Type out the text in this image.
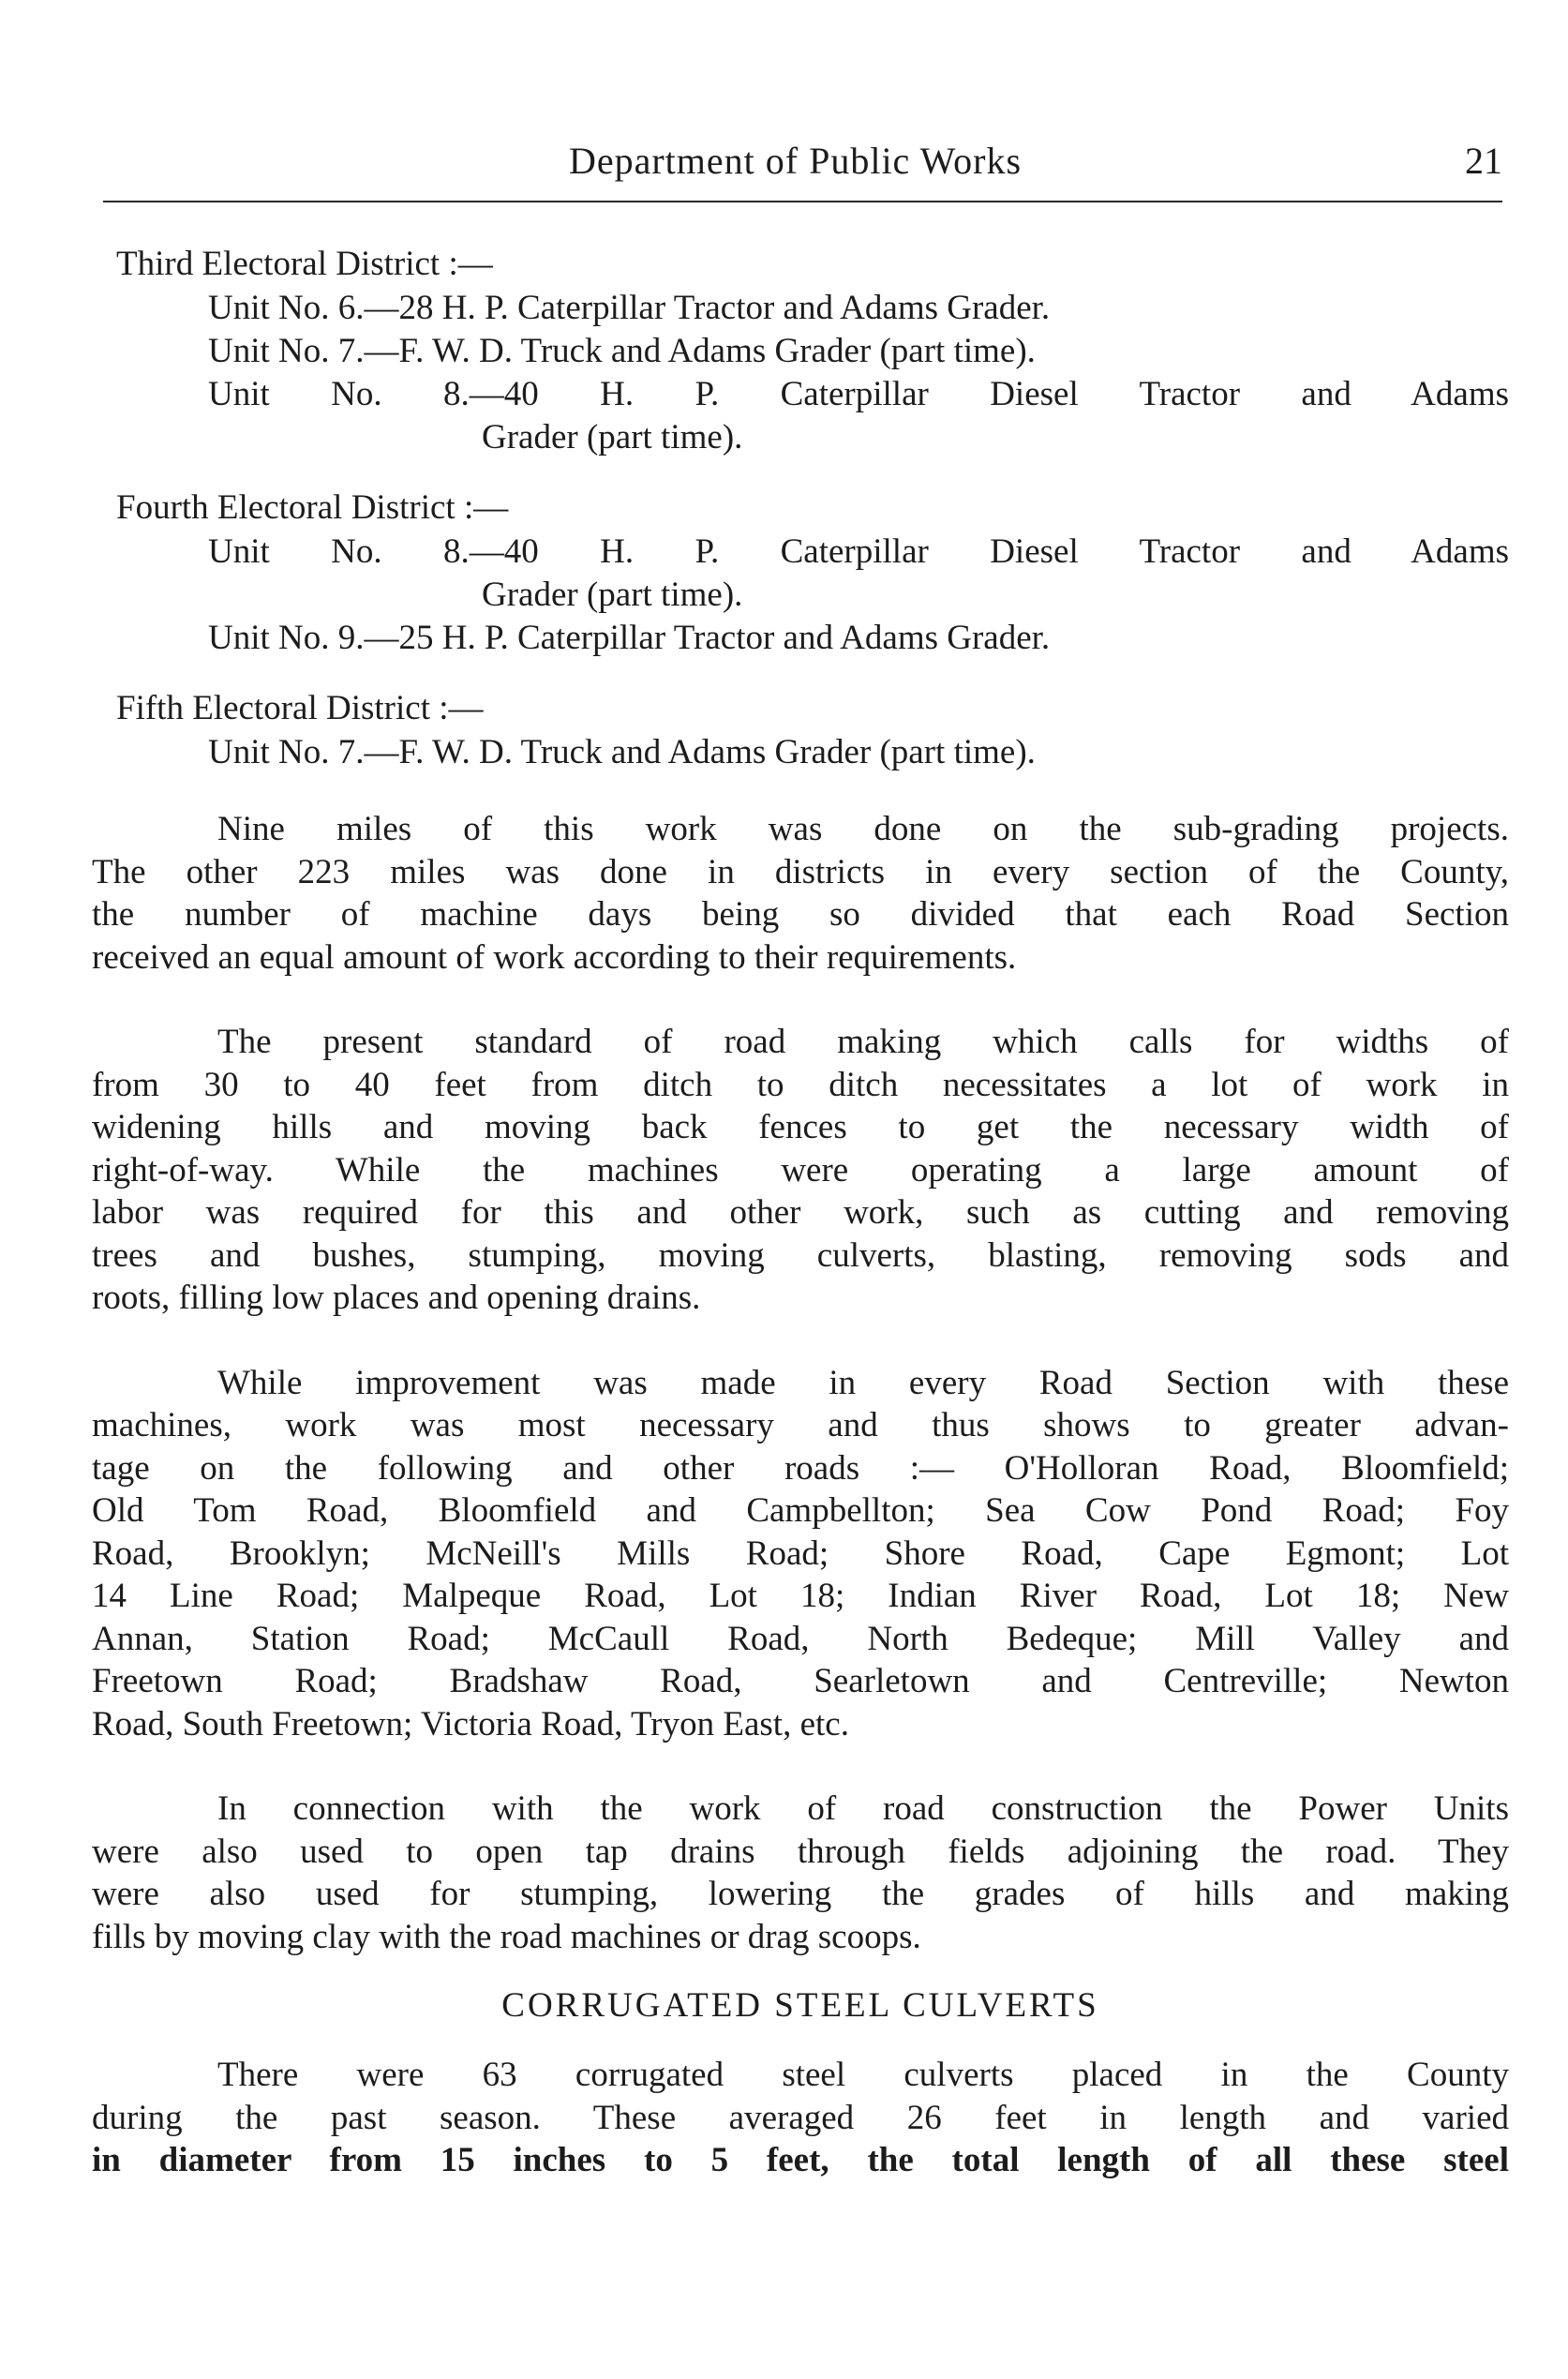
Department of Public Works	21
Third Electoral District :—
Unit No. 6.—28 H. P. Caterpillar Tractor and Adams Grader.
Unit No. 7.—F. W. D. Truck and Adams Grader (part time).
Unit No. 8.—40 H. P. Caterpillar Diesel Tractor and Adams
Grader (part time).
Fourth Electoral District :—
Unit No. 8.—40 H. P. Caterpillar Diesel Tractor and Adams
Grader (part time).
Unit No. 9.—25 H. P. Caterpillar Tractor and Adams Grader.
Fifth Electoral District :—
Unit No. 7.—F. W. D. Truck and Adams Grader (part time).
Nine miles of this work was done on the sub-grading projects.
The other 223 miles was done in districts in every section of the County,
the number of machine days being so divided that each Road Section
received an equal amount of work according to their requirements.
The present standard of road making which calls for widths of
from 30 to 40 feet from ditch to ditch necessitates a lot of work in
widening hills and moving back fences to get the necessary width of
right-of-way. While the machines were operating a large amount of
labor was required for this and other work, such as cutting and removing
trees and bushes, stumping, moving culverts, blasting, removing sods and
roots, filling low places and opening drains.
While improvement was made in every Road Section with these
machines, work was most necessary and thus shows to greater advan-
tage on the following and other roads :— O'Holloran Road, Bloomfield;
Old Tom Road, Bloomfield and Campbellton; Sea Cow Pond Road; Foy
Road, Brooklyn; McNeill's Mills Road; Shore Road, Cape Egmont; Lot
14 Line Road; Malpeque Road, Lot 18; Indian River Road, Lot 18; New
Annan, Station Road; McCaull Road, North Bedeque; Mill Valley and
Freetown Road; Bradshaw Road, Searletown and Centreville; Newton
Road, South Freetown; Victoria Road, Tryon East, etc.
In connection with the work of road construction the Power Units
were also used to open tap drains through fields adjoining the road. They
were also used for stumping, lowering the grades of hills and making
fills by moving clay with the road machines or drag scoops.
CORRUGATED STEEL CULVERTS
There were 63 corrugated steel culverts placed in the County
during the past season. These averaged 26 feet in length and varied
in diameter from 15 inches to 5 feet, the total length of all these steel
